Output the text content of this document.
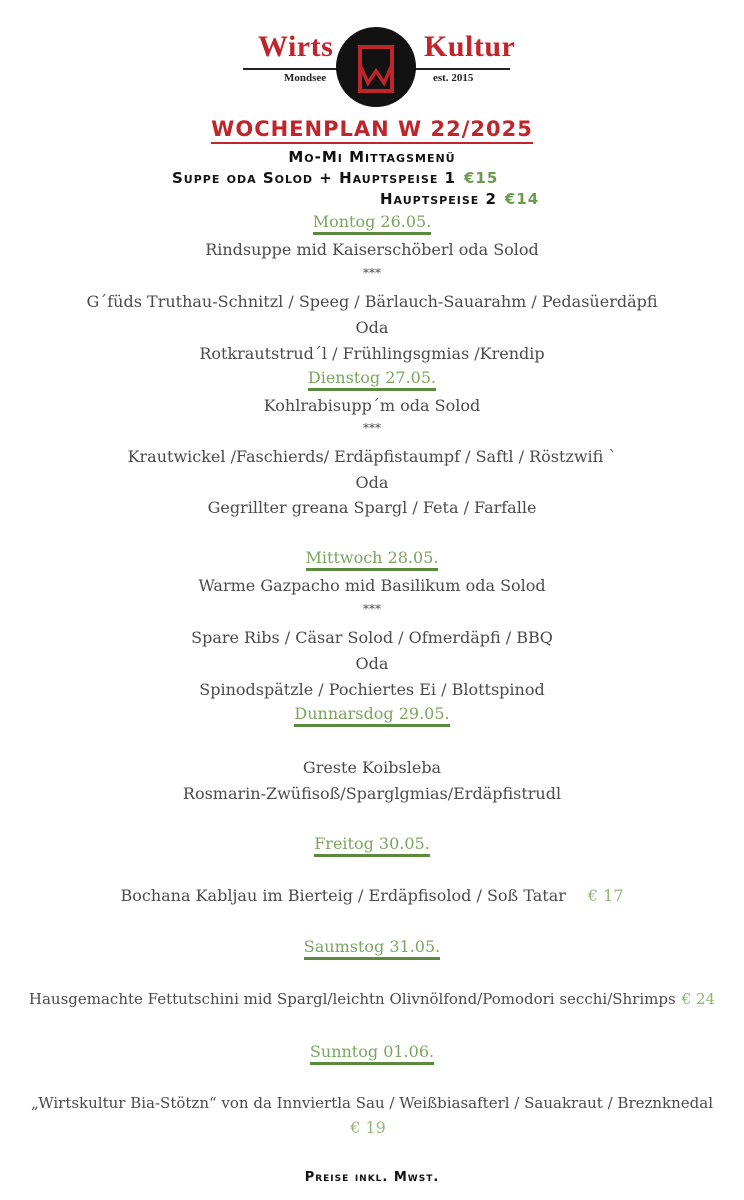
Wirts	Kultur
Mondsee	est. 2015
WOCHENPLAN W 22/2025
Mo-Mi Mittagsmenü
Suppe oda Solod + Hauptspeise 1 €15
Hauptspeise 2 €14
Montog 26.05.
Rindsuppe mid Kaiserschöberl oda Solod
***
G´füds Truthau-Schnitzl / Speeg / Bärlauch-Sauarahm / Pedasüerdäpfi
Oda
Rotkrautstrud´l / Frühlingsgmias /Krendip
Dienstog 27.05.
Kohlrabisupp´m oda Solod
***
Krautwickel /Faschierds/ Erdäpfistaumpf / Saftl / Röstzwifi `
Oda
Gegrillter greana Spargl / Feta / Farfalle
Mittwoch 28.05.
Warme Gazpacho mid Basilikum oda Solod
***
Spare Ribs / Cäsar Solod / Ofmerdäpfi / BBQ
Oda
Spinodspätzle / Pochiertes Ei / Blottspinod
Dunnarsdog 29.05.
Greste Koibsleba
Rosmarin-Zwüfisoß/Sparglgmias/Erdäpfistrudl
Freitog 30.05.
Bochana Kabljau im Bierteig / Erdäpfisolod / Soß Tatar € 17
Saumstog 31.05.
Hausgemachte Fettutschini mid Spargl/leichtn Olivnölfond/Pomodori secchi/Shrimps € 24
Sunntog 01.06.
„Wirtskultur Bia-Stötzn“ von da Innviertla Sau / Weißbiasafterl / Sauakraut / Breznknedal
€ 19
Preise inkl. Mwst.
